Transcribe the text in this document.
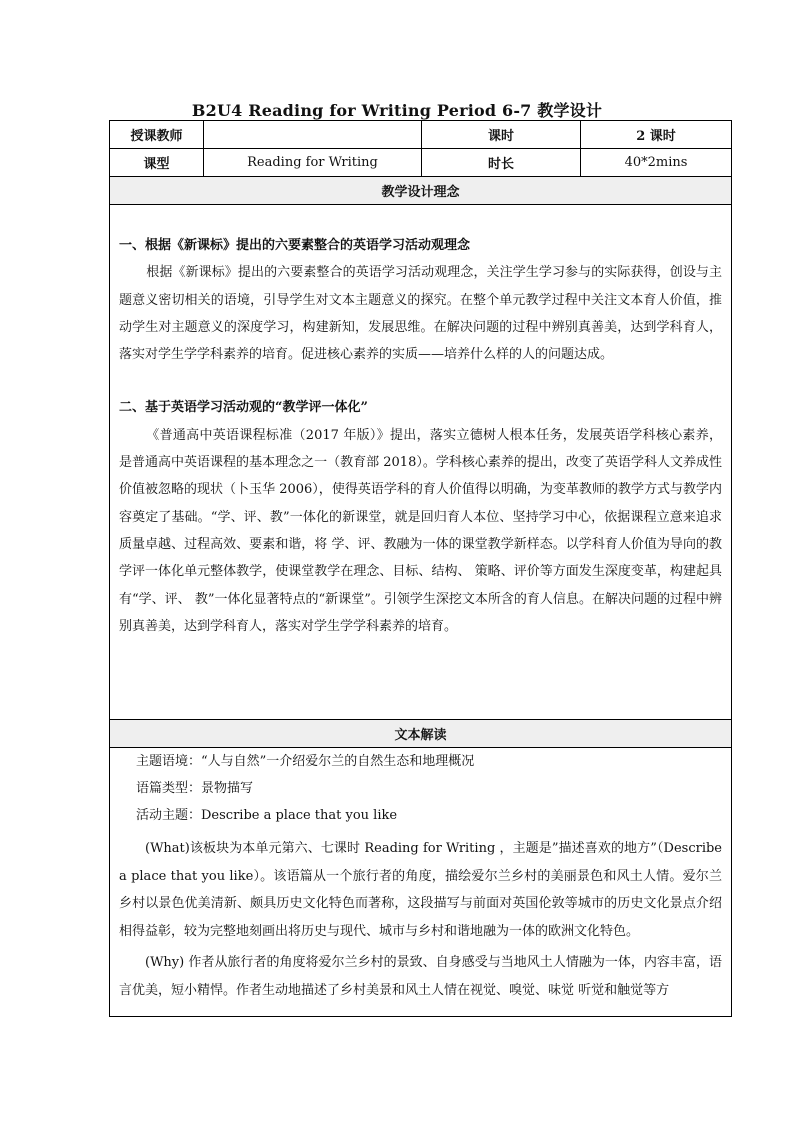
B2U4 Reading for Writing Period 6-7 教学设计
授课教师		课时	2 课时
课型	Reading for Writing	时长	40*2mins
教学设计理念			

一、根据《新课标》提出的六要素整合的英语学习活动观理念
根据《新课标》提出的六要素整合的英语学习活动观理念，关注学生学习参与的实际获得，创设与主题意义密切相关的语境，引导学生对文本主题意义的探究。在整个单元教学过程中关注文本育人价值，推动学生对主题意义的深度学习，构建新知，发展思维。在解决问题的过程中辨别真善美，达到学科育人，落实对学生学学科素养的培育。促进核心素养的实质——培养什么样的人的问题达成。
二、基于英语学习活动观的“教学评一体化”
《普通高中英语课程标准（2017 年版）》提出，落实立德树人根本任务，发展英语学科核心素养，是普通高中英语课程的基本理念之一（教育部 2018）。学科核心素养的提出，改变了英语学科人文养成性价值被忽略的现状（卜玉华 2006），使得英语学科的育人价值得以明确，为变革教师的教学方式与教学内容奠定了基础。“学、评、教”一体化的新课堂，就是回归育人本位、坚持学习中心，依据课程立意来追求质量卓越、过程高效、要素和谐，将 学、评、教融为一体的课堂教学新样态。以学科育人价值为导向的教学评一体化单元整体教学，使课堂教学在理念、目标、结构、 策略、评价等方面发生深度变革，构建起具有“学、评、 教”一体化显著特点的“新课堂”。引领学生深挖文本所含的育人信息。在解决问题的过程中辨别真善美，达到学科育人，落实对学生学学科素养的培育。			

文本解读			

主题语境：“人与自然”一介绍爱尔兰的自然生态和地理概况
语篇类型：景物描写
活动主题：Describe a place that you like
(What)该板块为本单元第六、七课时 Reading for Writing ，主题是”描述喜欢的地方”（Describe a place that you like）。该语篇从一个旅行者的角度，描绘爱尔兰乡村的美丽景色和风土人情。爱尔兰乡村以景色优美清新、颇具历史文化特色而著称，这段描写与前面对英国伦敦等城市的历史文化景点介绍相得益彰，较为完整地刻画出将历史与现代、城市与乡村和谐地融为一体的欧洲文化特色。
(Why) 作者从旅行者的角度将爱尔兰乡村的景致、自身感受与当地风土人情融为一体，内容丰富，语言优美，短小精悍。作者生动地描述了乡村美景和风土人情在视觉、嗅觉、味觉 听觉和触觉等方			
